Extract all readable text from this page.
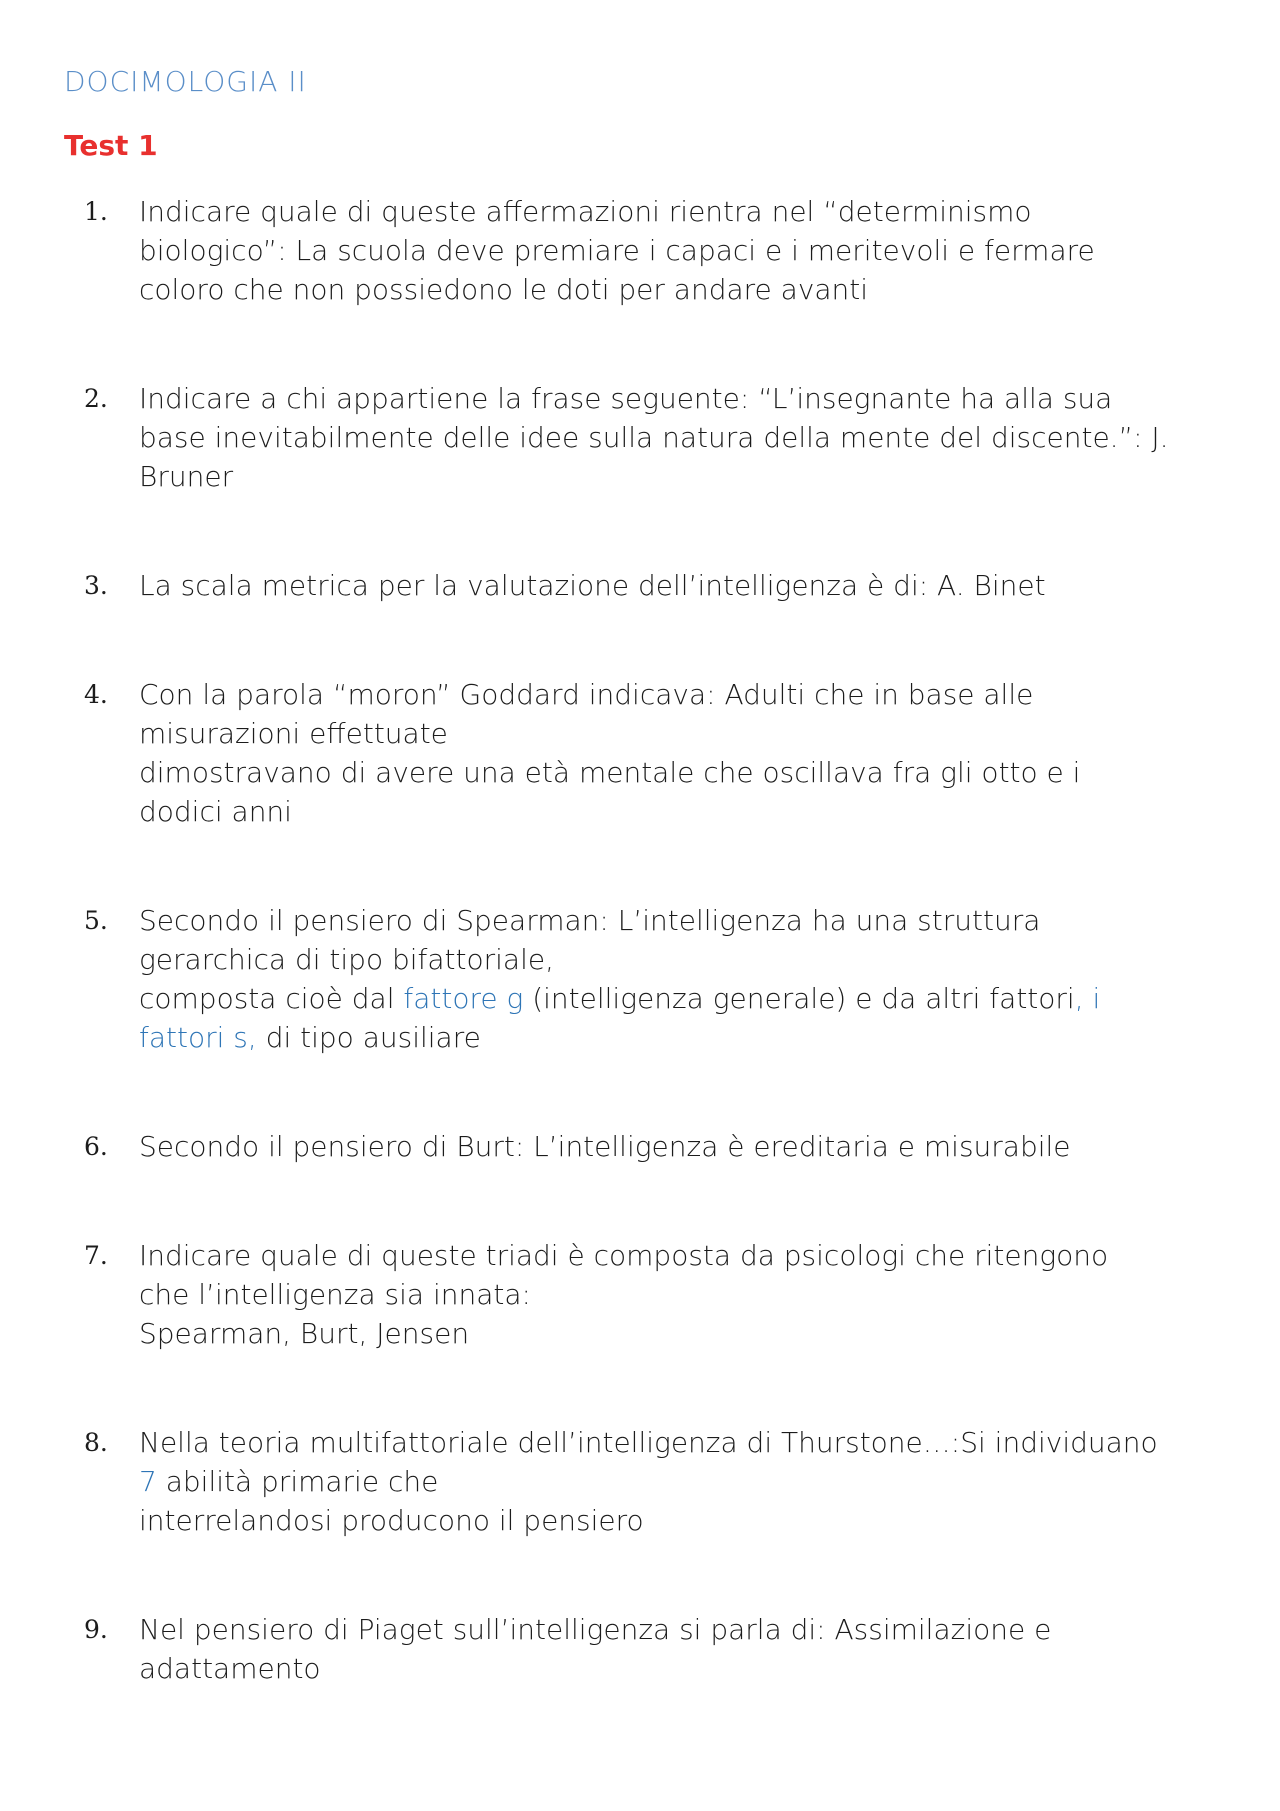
DOCIMOLOGIA II
Test 1
1.	Indicare quale di queste affermazioni rientra nel “determinismo
biologico”: La scuola deve premiare i capaci e i meritevoli e fermare
coloro che non possiedono le doti per andare avanti
2.	Indicare a chi appartiene la frase seguente: “L’insegnante ha alla sua
base inevitabilmente delle idee sulla natura della mente del discente.”: J.
Bruner
3.	La scala metrica per la valutazione dell’intelligenza è di: A. Binet
4.	Con la parola “moron” Goddard indicava: Adulti che in base alle
misurazioni effettuate
dimostravano di avere una età mentale che oscillava fra gli otto e i
dodici anni
5.	Secondo il pensiero di Spearman: L’intelligenza ha una struttura
gerarchica di tipo bifattoriale,
composta cioè dal fattore g (intelligenza generale) e da altri fattori, i
fattori s, di tipo ausiliare
6.	Secondo il pensiero di Burt: L’intelligenza è ereditaria e misurabile
7.	Indicare quale di queste triadi è composta da psicologi che ritengono
che l’intelligenza sia innata:
Spearman, Burt, Jensen
8.	Nella teoria multifattoriale dell’intelligenza di Thurstone…:Si individuano
7 abilità primarie che
interrelandosi producono il pensiero
9.	Nel pensiero di Piaget sull’intelligenza si parla di: Assimilazione e
adattamento
